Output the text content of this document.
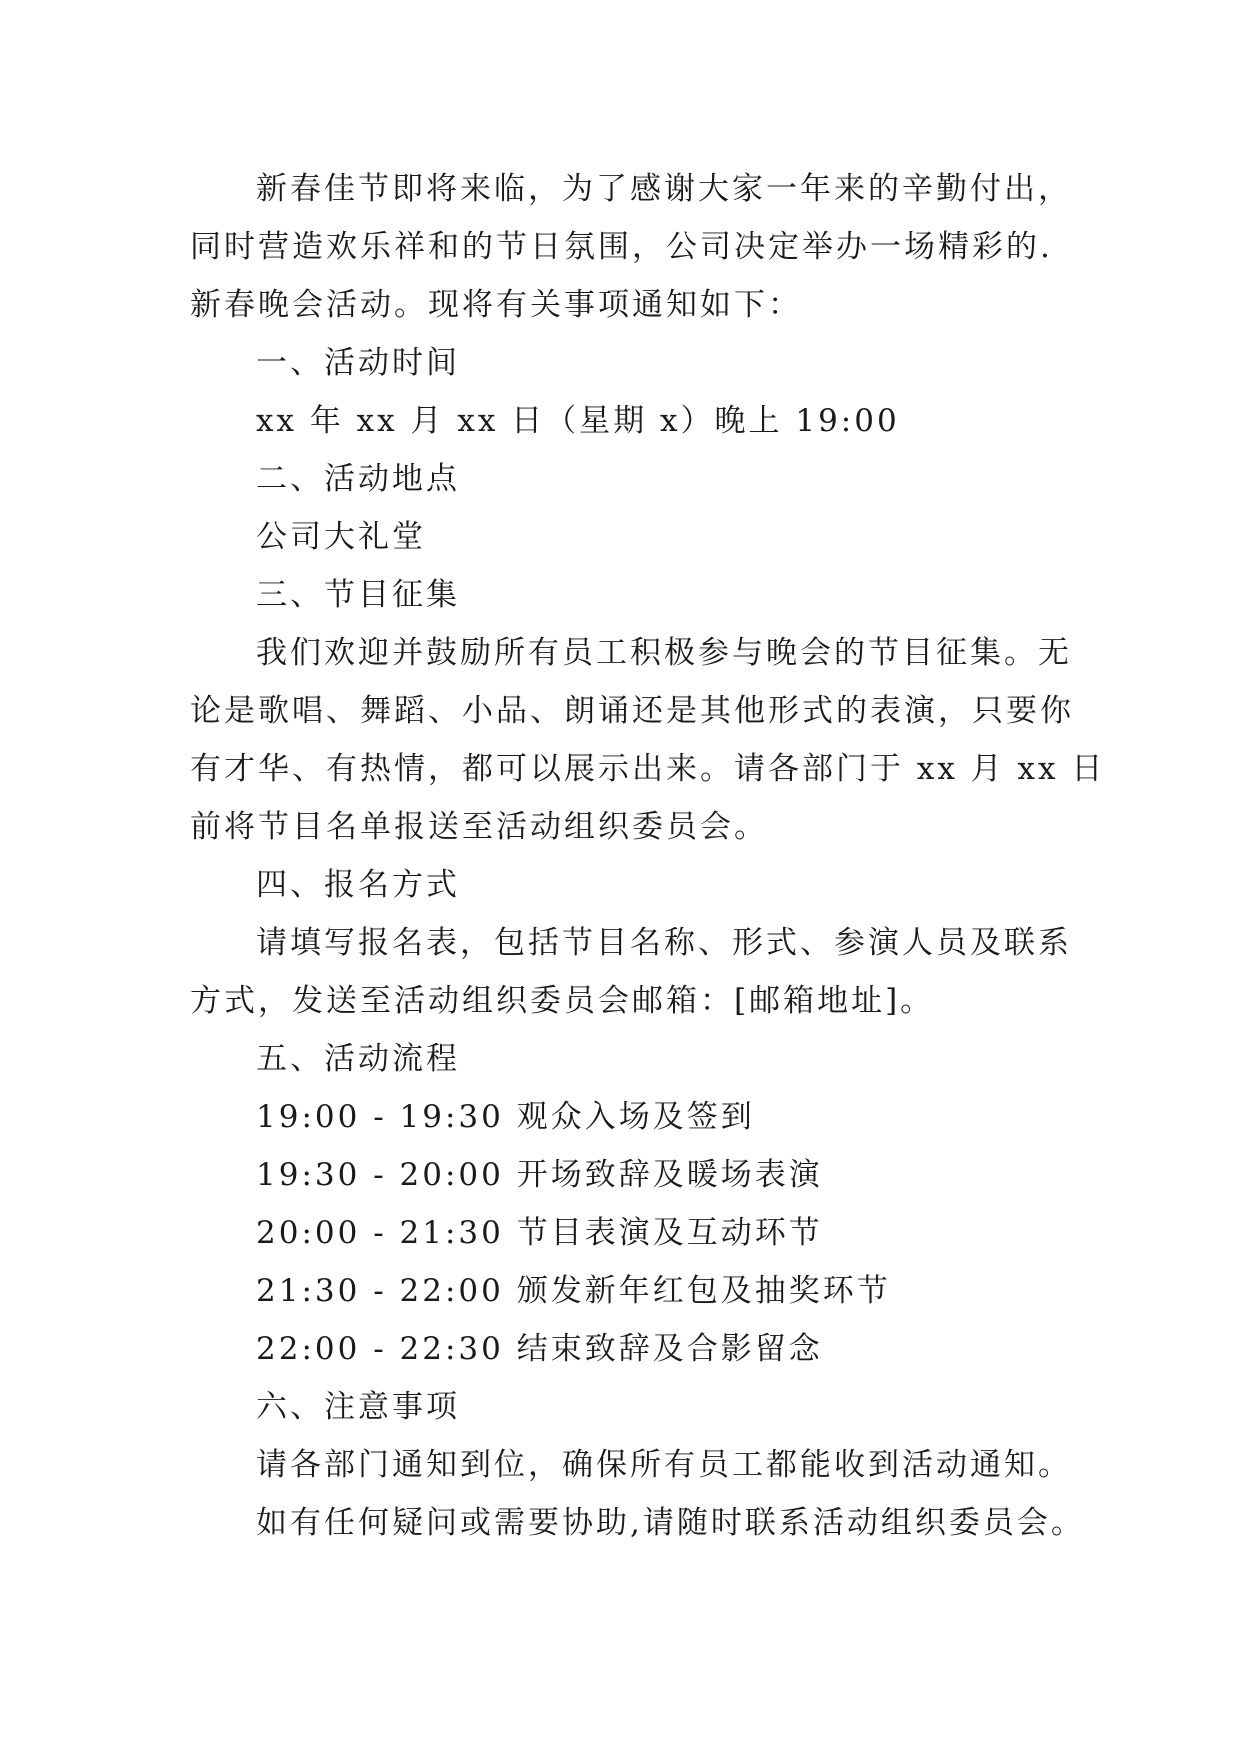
新春佳节即将来临，为了感谢大家一年来的辛勤付出，
同时营造欢乐祥和的节日氛围，公司决定举办一场精彩的.
新春晚会活动。现将有关事项通知如下：
一、活动时间
xx 年 xx 月 xx 日（星期 x）晚上 19:00
二、活动地点
公司大礼堂
三、节目征集
我们欢迎并鼓励所有员工积极参与晚会的节目征集。无
论是歌唱、舞蹈、小品、朗诵还是其他形式的表演，只要你
有才华、有热情，都可以展示出来。请各部门于 xx 月 xx 日
前将节目名单报送至活动组织委员会。
四、报名方式
请填写报名表，包括节目名称、形式、参演人员及联系
方式，发送至活动组织委员会邮箱：[邮箱地址]。
五、活动流程
19:00 - 19:30 观众入场及签到
19:30 - 20:00 开场致辞及暖场表演
20:00 - 21:30 节目表演及互动环节
21:30 - 22:00 颁发新年红包及抽奖环节
22:00 - 22:30 结束致辞及合影留念
六、注意事项
请各部门通知到位，确保所有员工都能收到活动通知。
如有任何疑问或需要协助,请随时联系活动组织委员会。
